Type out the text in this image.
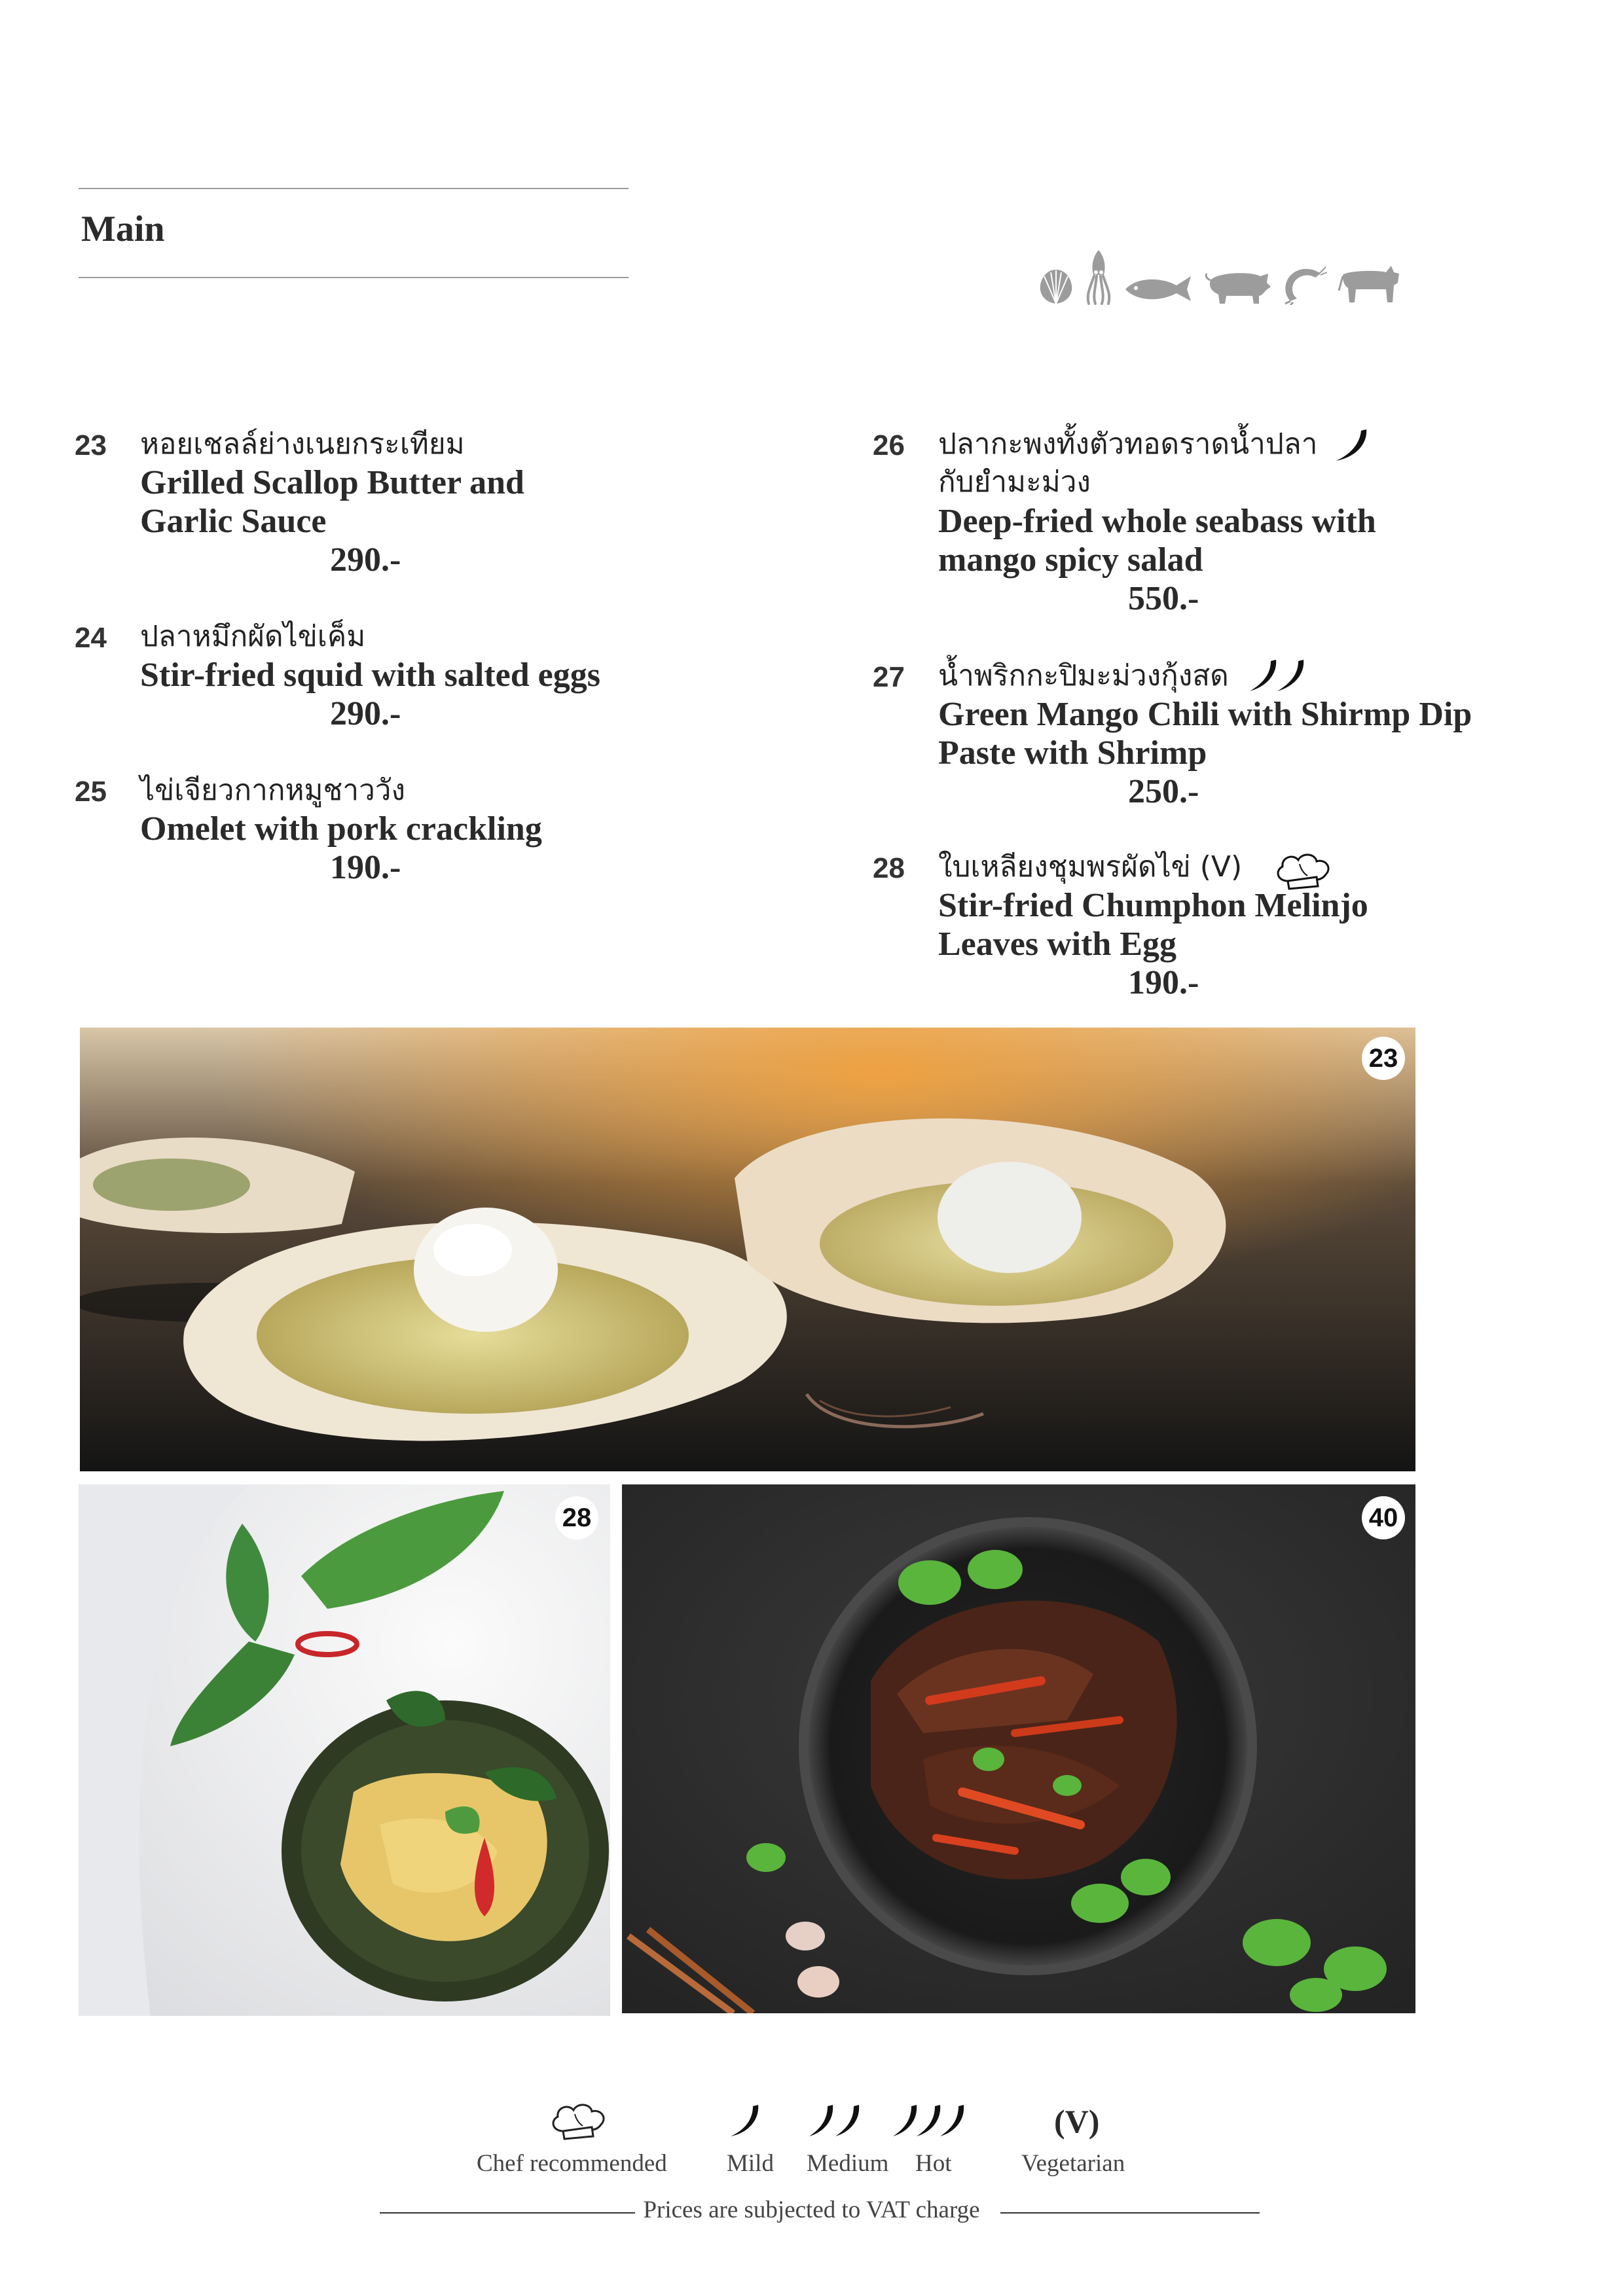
Main
23 หอยเชลล์ย่างเนยกระเทียม
Grilled Scallop Butter and
Garlic Sauce
290.-
24 ปลาหมึกผัดไข่เค็ม
Stir-fried squid with salted eggs
290.-
25 ไข่เจียวกากหมูชาววัง
Omelet with pork crackling
190.-
26 ปลากะพงทั้งตัวทอดราดน้ำปลา
กับยำมะม่วง
Deep-fried whole seabass with
mango spicy salad
550.-
27 น้ำพริกกะปิมะม่วงกุ้งสด
Green Mango Chili with Shirmp Dip
Paste with Shrimp
250.-
28 ใบเหลียงชุมพรผัดไข่ (V)
Stir-fried Chumphon Melinjo
Leaves with Egg
190.-
23
28	40
Chef recommended Mild Medium Hot
(V)
Vegetarian
Prices are subjected to VAT charge
